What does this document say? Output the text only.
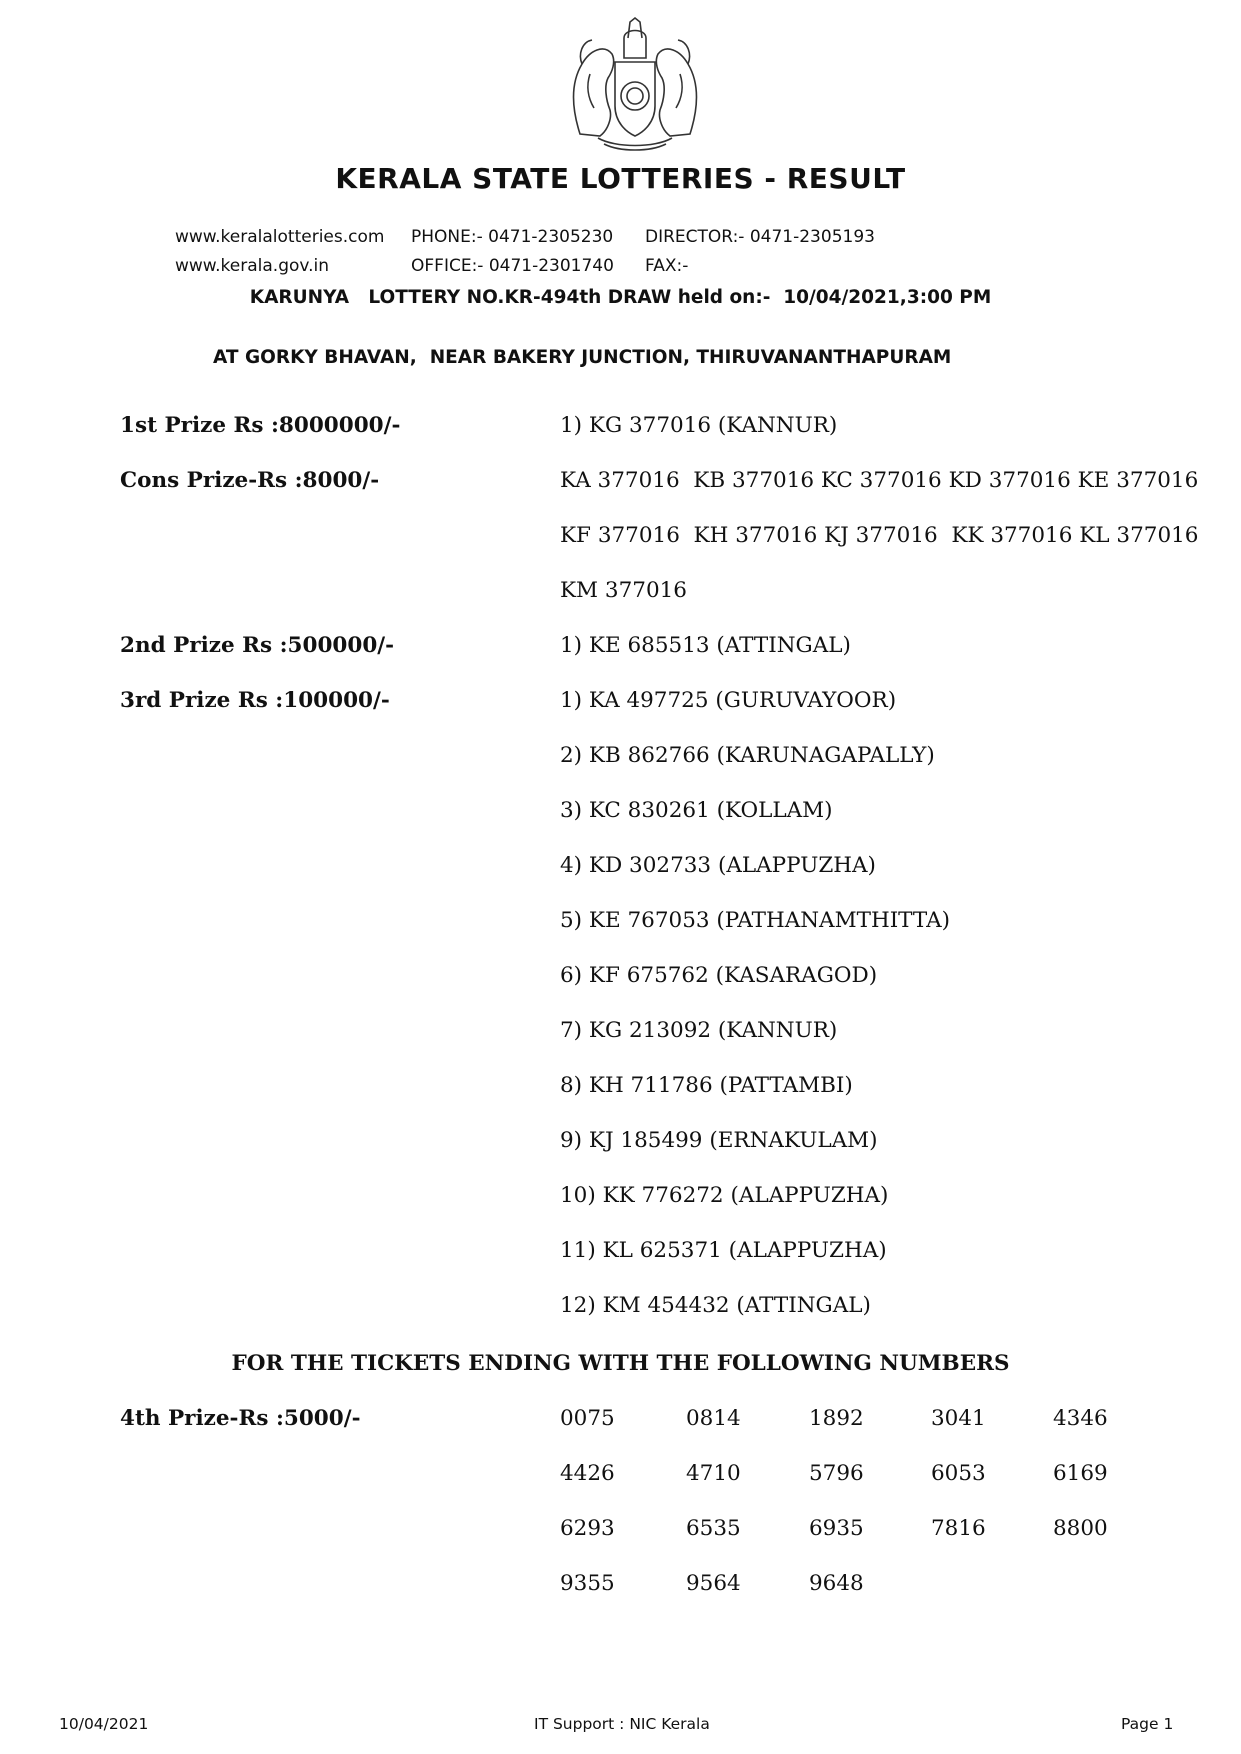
KERALA STATE LOTTERIES - RESULT
www.keralalotteries.com PHONE:- 0471-2305230 DIRECTOR:- 0471-2305193
www.kerala.gov.in	OFFICE:- 0471-2301740 FAX:-
KARUNYA   LOTTERY NO.KR-494th DRAW held on:-  10/04/2021,3:00 PM
AT GORKY BHAVAN,  NEAR BAKERY JUNCTION, THIRUVANANTHAPURAM
1st Prize Rs :8000000/-	1) KG 377016 (KANNUR)
Cons Prize-Rs :8000/-	KA 377016  KB 377016 KC 377016 KD 377016 KE 377016
KF 377016  KH 377016 KJ 377016  KK 377016 KL 377016
KM 377016
2nd Prize Rs :500000/-	1) KE 685513 (ATTINGAL)
3rd Prize Rs :100000/-	1) KA 497725 (GURUVAYOOR)
2) KB 862766 (KARUNAGAPALLY)
3) KC 830261 (KOLLAM)
4) KD 302733 (ALAPPUZHA)
5) KE 767053 (PATHANAMTHITTA)
6) KF 675762 (KASARAGOD)
7) KG 213092 (KANNUR)
8) KH 711786 (PATTAMBI)
9) KJ 185499 (ERNAKULAM)
10) KK 776272 (ALAPPUZHA)
11) KL 625371 (ALAPPUZHA)
12) KM 454432 (ATTINGAL)
FOR THE TICKETS ENDING WITH THE FOLLOWING NUMBERS
4th Prize-Rs :5000/-	0075	0814	1892	3041	4346
4426	4710	5796	6053	6169
6293	6535	6935	7816	8800
9355	9564	9648
10/04/2021	IT Support : NIC Kerala	Page 1
